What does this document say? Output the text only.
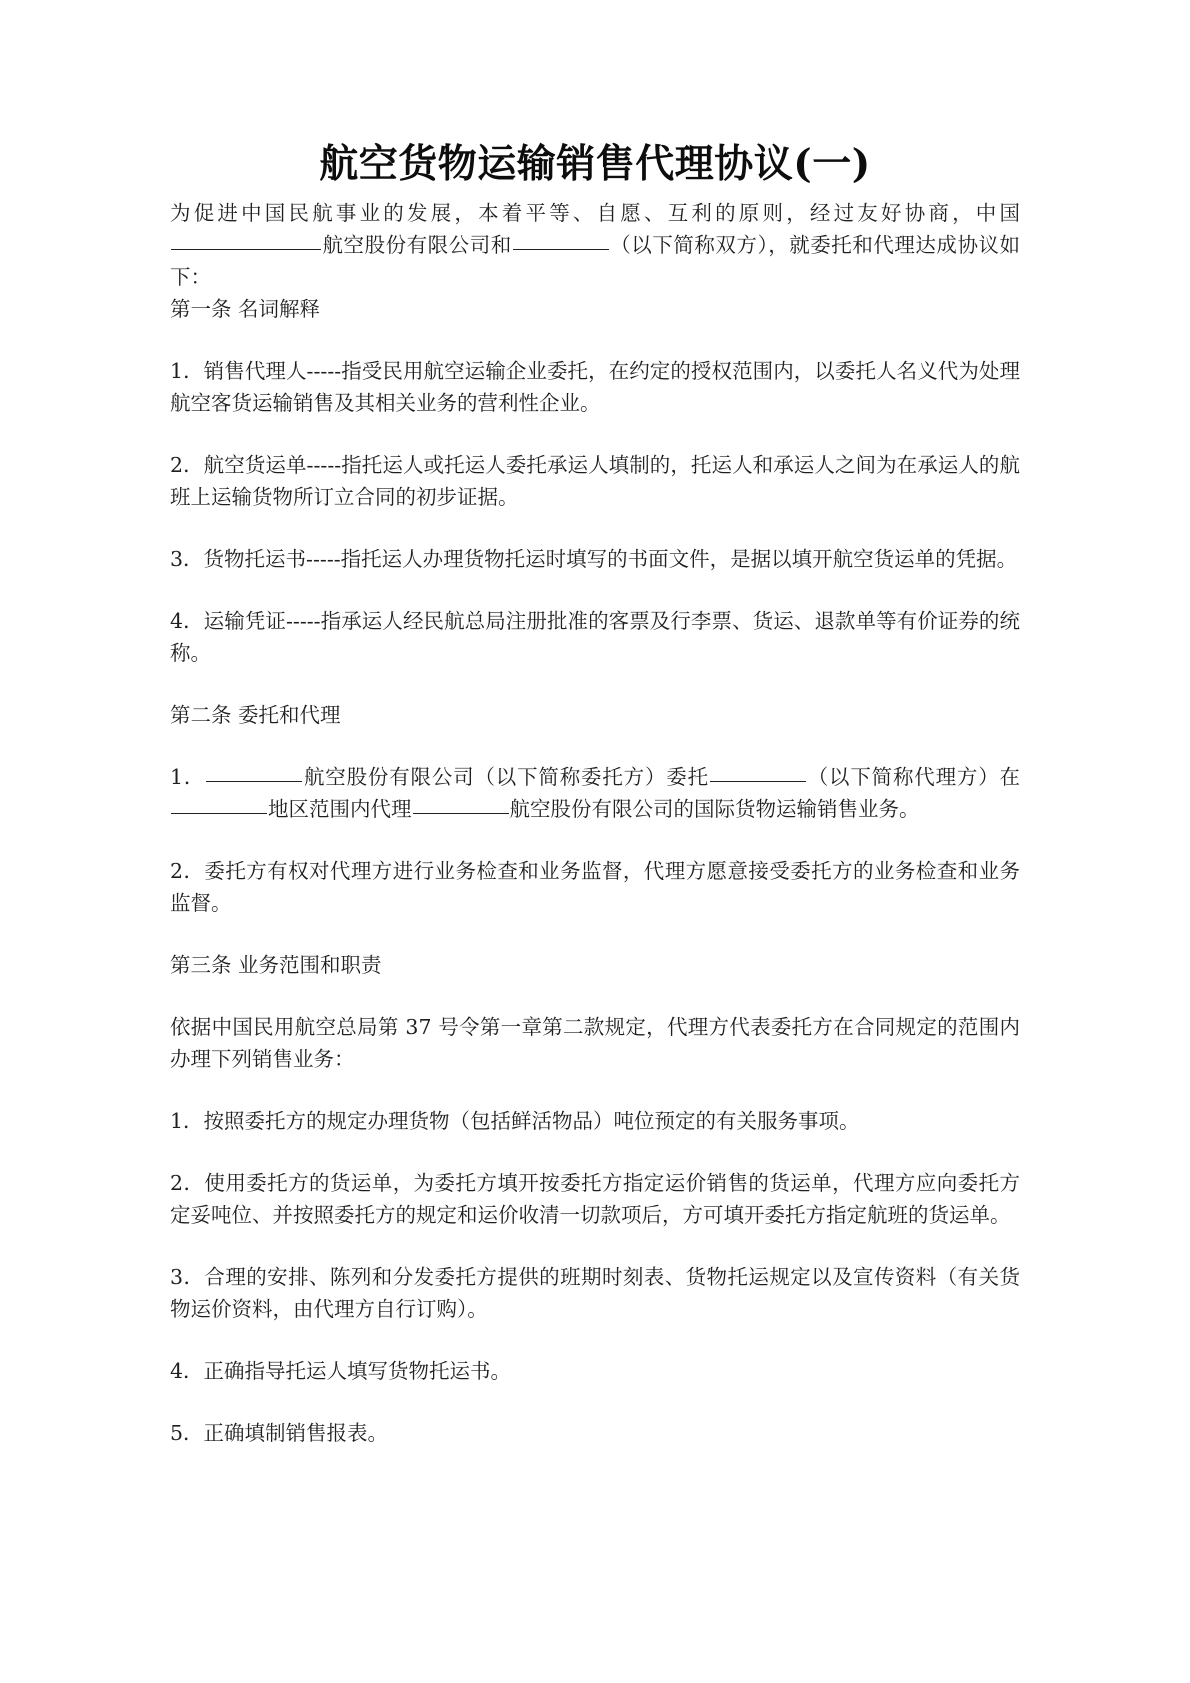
航空货物运输销售代理协议(一)

为促进中国民航事业的发展，本着平等、自愿、互利的原则，经过友好协商，中国航空股份有限公司和	（以下简称双方），就委托和代理达成协议如下：

第一条 名词解释

1．销售代理人-----指受民用航空运输企业委托，在约定的授权范围内，以委托人名义代为处理航空客货运输销售及其相关业务的营利性企业。

2．航空货运单-----指托运人或托运人委托承运人填制的，托运人和承运人之间为在承运人的航班上运输货物所订立合同的初步证据。

3．货物托运书-----指托运人办理货物托运时填写的书面文件，是据以填开航空货运单的凭据。

4．运输凭证-----指承运人经民航总局注册批准的客票及行李票、货运、退款单等有价证券的统称。

第二条 委托和代理

1．	航空股份有限公司（以下简称委托方）委托	（以下简称代理方）在地区范围内代理	航空股份有限公司的国际货物运输销售业务。

2．委托方有权对代理方进行业务检查和业务监督，代理方愿意接受委托方的业务检查和业务监督。

第三条 业务范围和职责

依据中国民用航空总局第 37 号令第一章第二款规定，代理方代表委托方在合同规定的范围内办理下列销售业务：

1．按照委托方的规定办理货物（包括鲜活物品）吨位预定的有关服务事项。

2．使用委托方的货运单，为委托方填开按委托方指定运价销售的货运单，代理方应向委托方定妥吨位、并按照委托方的规定和运价收清一切款项后，方可填开委托方指定航班的货运单。

3．合理的安排、陈列和分发委托方提供的班期时刻表、货物托运规定以及宣传资料（有关货物运价资料，由代理方自行订购）。

4．正确指导托运人填写货物托运书。

5．正确填制销售报表。
